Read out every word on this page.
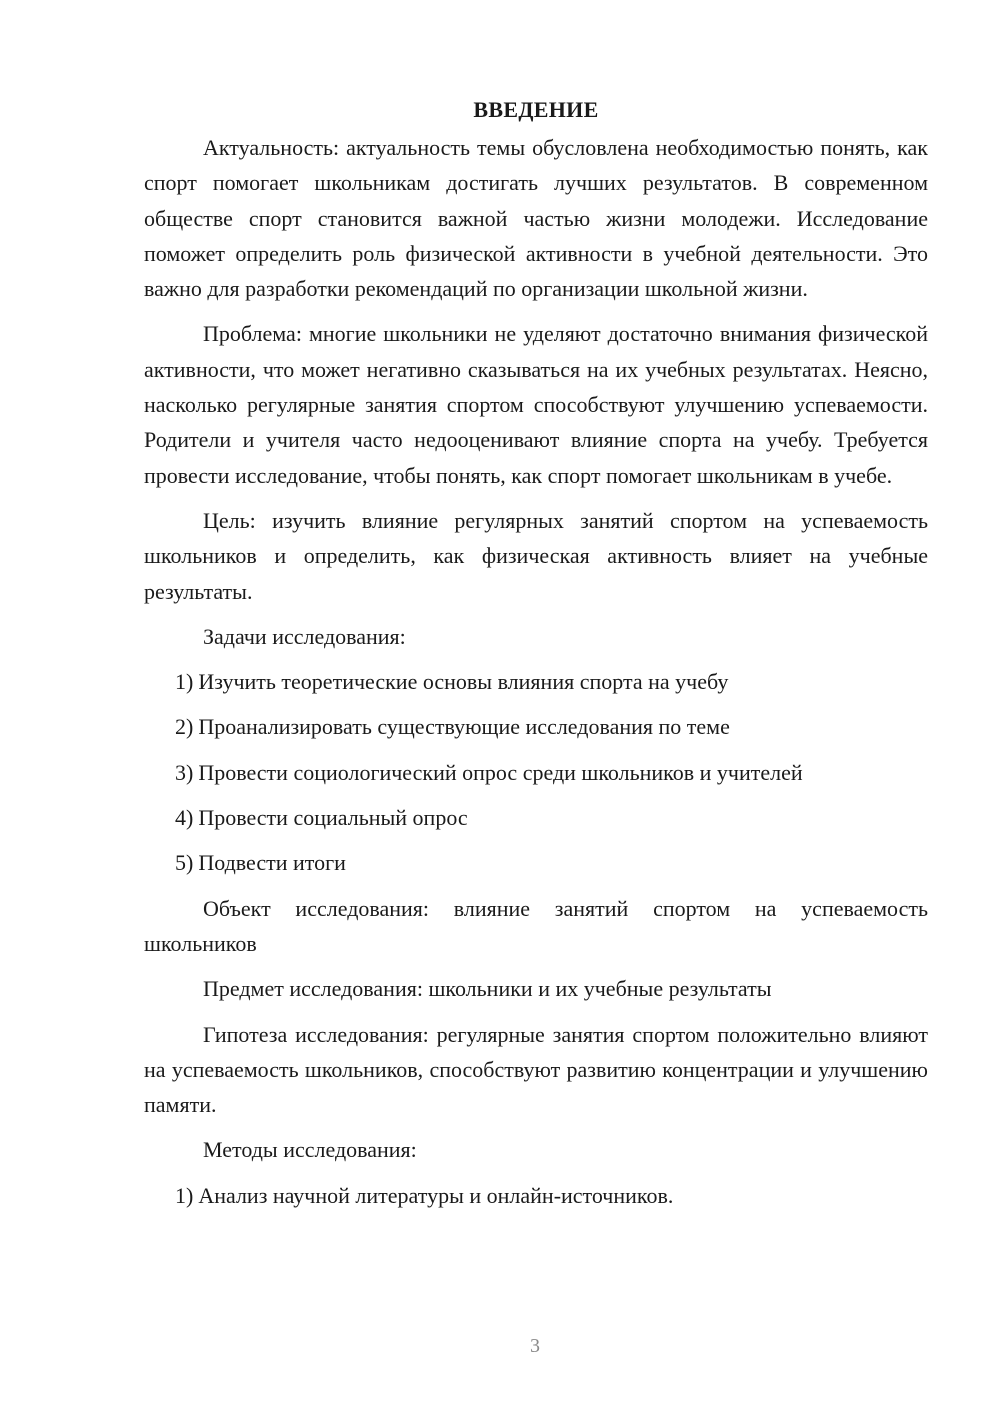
ВВЕДЕНИЕ

Актуальность: актуальность темы обусловлена необходимостью понять, как спорт помогает школьникам достигать лучших результатов. В современном обществе спорт становится важной частью жизни молодежи. Исследование поможет определить роль физической активности в учебной деятельности. Это важно для разработки рекомендаций по организации школьной жизни.

Проблема: многие школьники не уделяют достаточно внимания физической активности, что может негативно сказываться на их учебных результатах. Неясно, насколько регулярные занятия спортом способствуют улучшению успеваемости. Родители и учителя часто недооценивают влияние спорта на учебу. Требуется провести исследование, чтобы понять, как спорт помогает школьникам в учебе.

Цель: изучить влияние регулярных занятий спортом на успеваемость школьников и определить, как физическая активность влияет на учебные результаты.

Задачи исследования:

1) Изучить теоретические основы влияния спорта на учебу

2) Проанализировать существующие исследования по теме

3) Провести социологический опрос среди школьников и учителей

4) Провести социальный опрос

5) Подвести итоги

Объект исследования: влияние занятий спортом на успеваемость школьников

Предмет исследования: школьники и их учебные результаты

Гипотеза исследования: регулярные занятия спортом положительно влияют на успеваемость школьников, способствуют развитию концентрации и улучшению памяти.

Методы исследования:

1) Анализ научной литературы и онлайн-источников.

3
